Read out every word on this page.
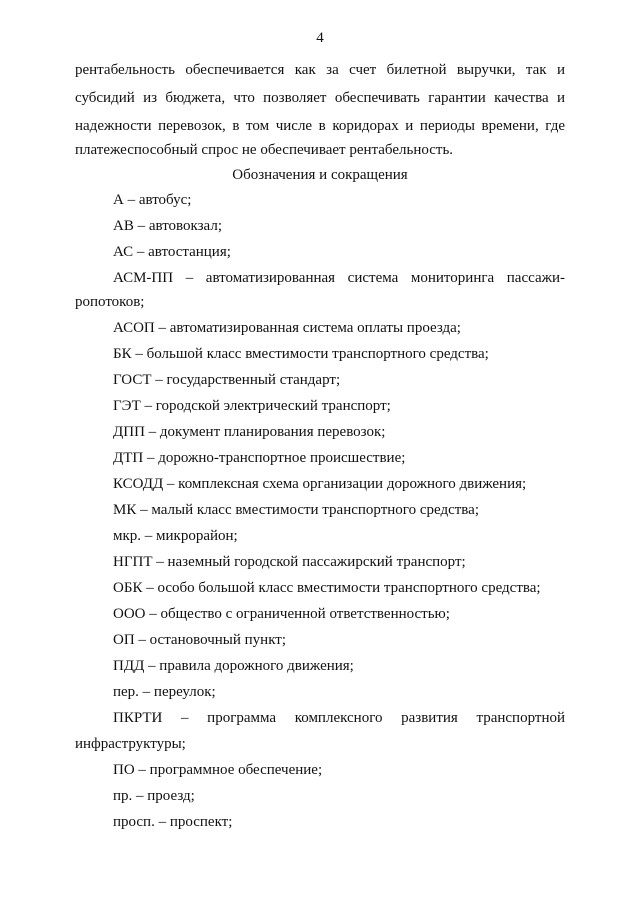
4
рентабельность обеспечивается как за счет билетной выручки, так и
субсидий из бюджета, что позволяет обеспечивать гарантии качества и
надежности перевозок, в том числе в коридорах и периоды времени, где
платежеспособный спрос не обеспечивает рентабельность.
Обозначения и сокращения
А – автобус;
АВ – автовокзал;
АС – автостанция;
АСМ-ПП – автоматизированная система мониторинга пассажи-
ропотоков;
АСОП – автоматизированная система оплаты проезда;
БК – большой класс вместимости транспортного средства;
ГОСТ – государственный стандарт;
ГЭТ – городской электрический транспорт;
ДПП – документ планирования перевозок;
ДТП – дорожно-транспортное происшествие;
КСОДД – комплексная схема организации дорожного движения;
МК – малый класс вместимости транспортного средства;
мкр. – микрорайон;
НГПТ – наземный городской пассажирский транспорт;
ОБК – особо большой класс вместимости транспортного средства;
ООО – общество с ограниченной ответственностью;
ОП – остановочный пункт;
ПДД – правила дорожного движения;
пер. – переулок;
ПКРТИ – программа комплексного развития транспортной
инфраструктуры;
ПО – программное обеспечение;
пр. – проезд;
просп. – проспект;
